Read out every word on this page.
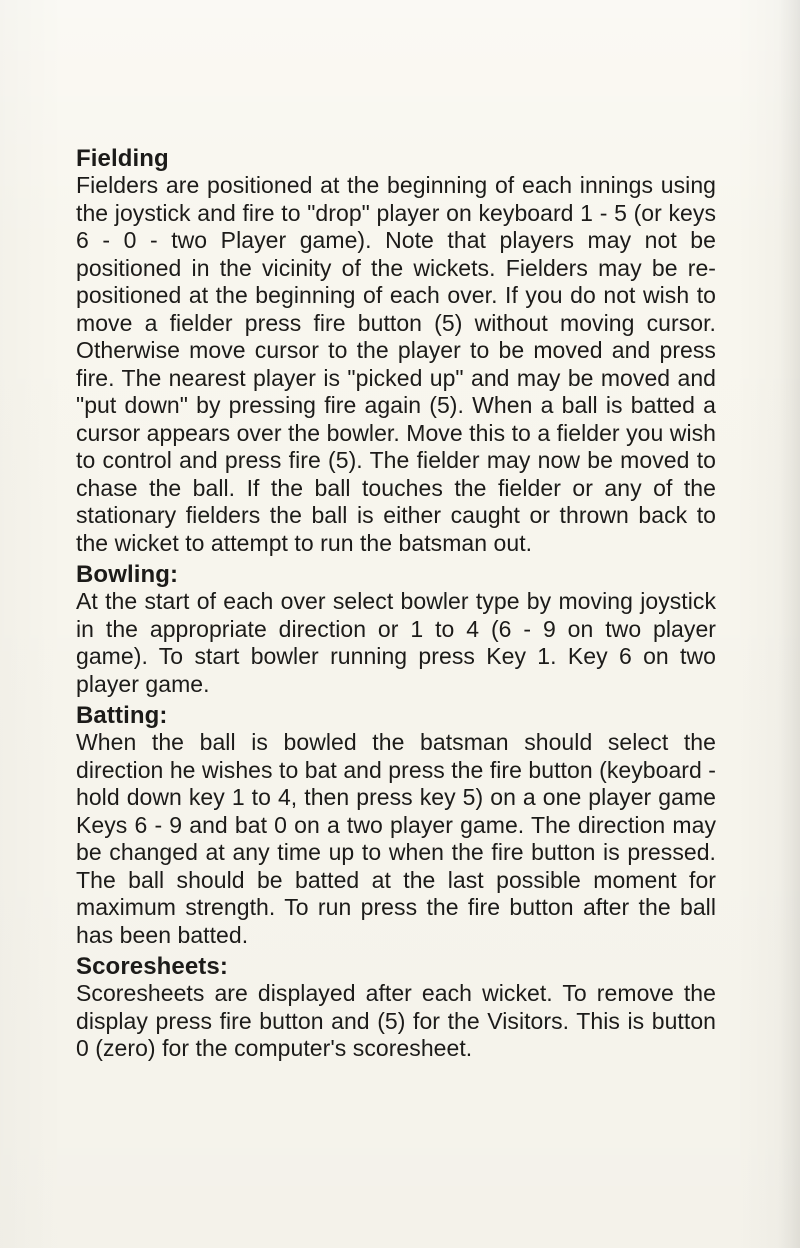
Fielding

Fielders are positioned at the beginning of each innings using the joystick and fire to "drop" player on keyboard 1 - 5 (or keys 6 - 0 - two Player game). Note that players may not be positioned in the vicinity of the wickets. Fielders may be re-positioned at the beginning of each over. If you do not wish to move a fielder press fire button (5) without moving cursor. Otherwise move cursor to the player to be moved and press fire. The nearest player is "picked up" and may be moved and "put down" by pressing fire again (5). When a ball is batted a cursor appears over the bowler. Move this to a fielder you wish to control and press fire (5). The fielder may now be moved to chase the ball. If the ball touches the fielder or any of the stationary fielders the ball is either caught or thrown back to the wicket to attempt to run the batsman out.

Bowling:

At the start of each over select bowler type by moving joystick in the appropriate direction or 1 to 4 (6 - 9 on two player game). To start bowler running press Key 1. Key 6 on two player game.

Batting:

When the ball is bowled the batsman should select the direction he wishes to bat and press the fire button (keyboard - hold down key 1 to 4, then press key 5) on a one player game Keys 6 - 9 and bat 0 on a two player game. The direction may be changed at any time up to when the fire button is pressed. The ball should be batted at the last possible moment for maximum strength. To run press the fire button after the ball has been batted.

Scoresheets:

Scoresheets are displayed after each wicket. To remove the display press fire button and (5) for the Visitors. This is button 0 (zero) for the computer's scoresheet.
